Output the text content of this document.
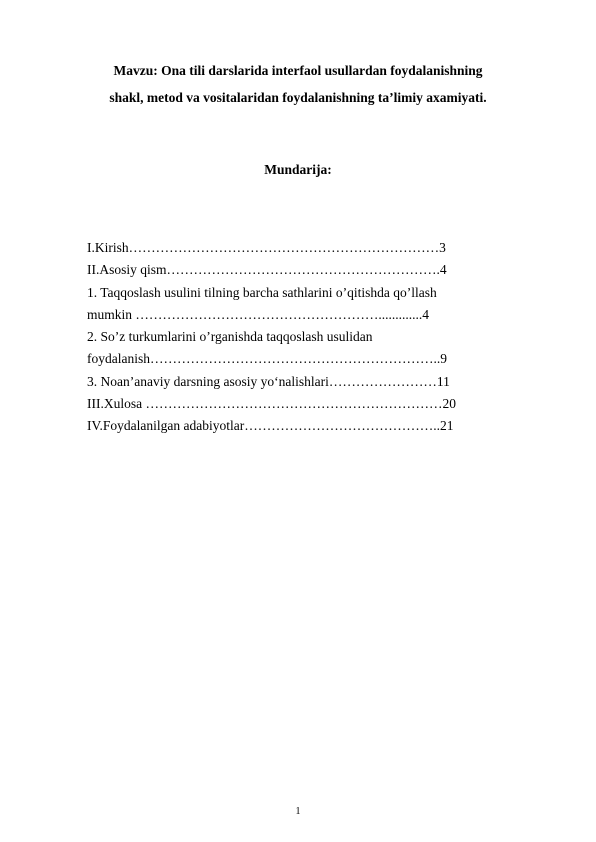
Mavzu: Ona tili darslarida interfaol usullardan foydalanishning
shakl, metod va vositalaridan foydalanishning ta’limiy axamiyati.
Mundarija:
I.Kirish……………………………………………………………3
II.Asosiy qism…………………………………………………….4
1. Taqqoslash usulini tilning barcha sathlarini o’qitishda qo’llash
mumkin ……………………………………………….............4
2. So’z turkumlarini o’rganishda taqqoslash usulidan
foydalanish………………………………………………………..9
3. Noan’anaviy darsning asosiy yo‘nalishlari……………………11
III.Xulosa …………………………………………………………20
IV.Foydalanilgan adabiyotlar……………………………………..21
1
